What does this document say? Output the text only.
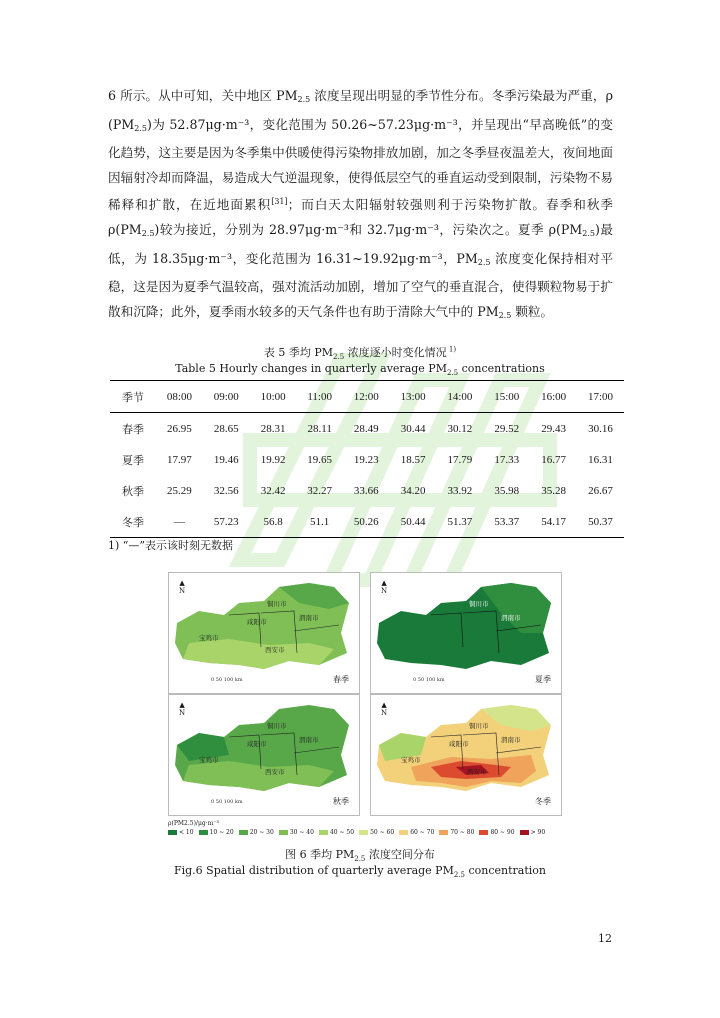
6 所示。从中可知，关中地区 $PM_{2.5}$ 浓度呈现出明显的季节性分布。冬季污染最为严重，ρ $(PM_{2.5})$为 52.87μg·m⁻³，变化范围为 50.26~57.23μg·m⁻³，并呈现出“早高晚低”的变化趋势，这主要是因为冬季集中供暖使得污染物排放加剧，加之冬季昼夜温差大，夜间地面因辐射冷却而降温，易造成大气逆温现象，使得低层空气的垂直运动受到限制，污染物不易稀释和扩散，在近地面累积[31]；而白天太阳辐射较强则利于污染物扩散。春季和秋季 $\rho(PM_{2.5})$较为接近，分别为 28.97μg·m⁻³和 32.7μg·m⁻³，污染次之。夏季 $\rho(PM_{2.5})$最低，为 18.35μg·m⁻³，变化范围为 16.31~19.92μg·m⁻³，$PM_{2.5}$ 浓度变化保持相对平稳，这是因为夏季气温较高，强对流活动加剧，增加了空气的垂直混合，使得颗粒物易于扩散和沉降；此外，夏季雨水较多的天气条件也有助于清除大气中的 $PM_{2.5}$ 颗粒。
表 5 季均 $PM_{2.5}$ 浓度逐小时变化情况 $^{1)}$
Table 5 Hourly changes in quarterly average $PM_{2.5}$ concentrations
季节	08:00	09:00	10:00	11:00	12:00	13:00	14:00	15:00	16:00	17:00
春季	26.95	28.65	28.31	28.11	28.49	30.44	30.12	29.52	29.43	30.16
夏季	17.97	19.46	19.92	19.65	19.23	18.57	17.79	17.33	16.77	16.31
秋季	25.29	32.56	32.42	32.27	33.66	34.20	33.92	35.98	35.28	26.67
冬季	—	57.23	56.8	51.1	50.26	50.44	51.37	53.37	54.17	50.37
1) “—”表示该时刻无数据
▲
N
铜川市
咸阳市	渭南市
宝鸡市
西安市
0 50 100 km	春季
▲
N
铜川市
渭南市
0 50 100 km	夏季
▲
N
铜川市
咸阳市	渭南市
宝鸡市
西安市
0 50 100 km	秋季
▲
N
铜川市
咸阳市	渭南市
宝鸡市
西安市
冬季
ρ(PM2.5)/μg·m⁻³
< 10	10 ~ 20	20 ~ 30	30 ~ 40	40 ~ 50	50 ~ 60	60 ~ 70	70 ~ 80	80 ~ 90	> 90
图 6 季均 $PM_{2.5}$ 浓度空间分布
Fig.6 Spatial distribution of quarterly average $PM_{2.5}$ concentration
12
